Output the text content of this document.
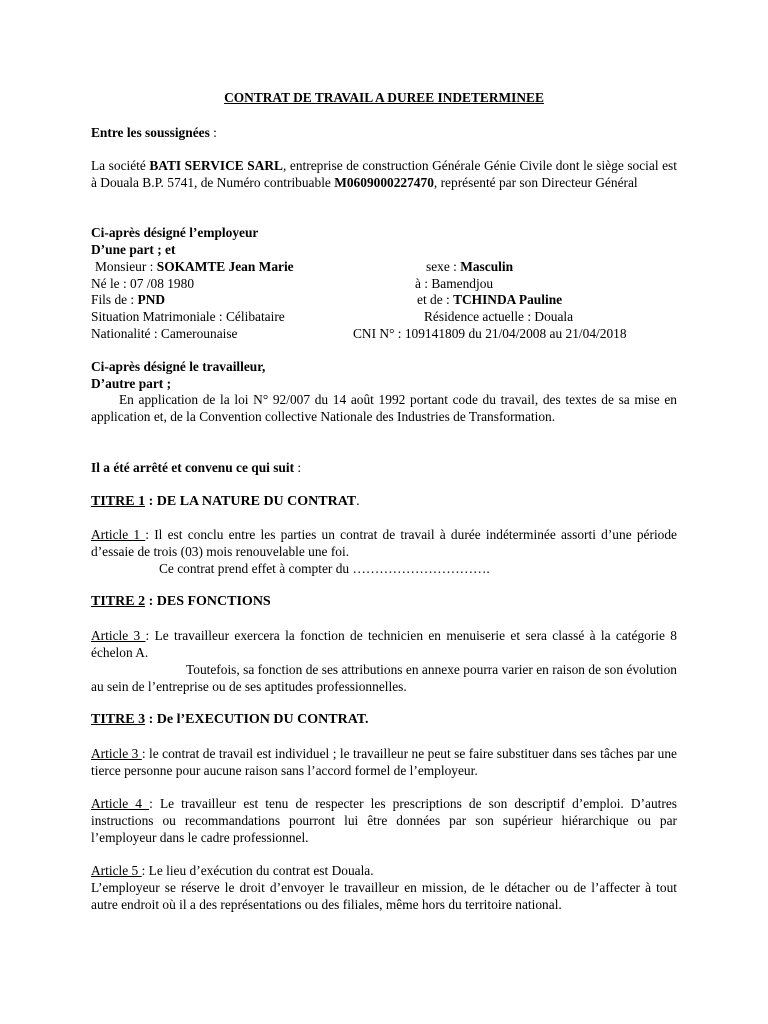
CONTRAT DE TRAVAIL A DUREE INDETERMINEE
Entre les soussignées :

La société BATI SERVICE SARL, entreprise de construction Générale Génie Civile dont le siège social est à Douala B.P. 5741, de Numéro contribuable M0609000227470, représenté par son Directeur Général

Ci-après désigné l’employeur
D’une part ; et
Monsieur : SOKAMTE Jean Marie	sexe : Masculin
Né le : 07 /08 1980	à : Bamendjou
Fils de : PND	et de : TCHINDA Pauline
Situation Matrimoniale : Célibataire	Résidence actuelle : Douala
Nationalité : Camerounaise	CNI N° : 109141809 du 21/04/2008 au 21/04/2018
Ci-après désigné le travailleur,
D’autre part ;

En application de la loi N° 92/007 du 14 août 1992 portant code du travail, des textes de sa mise en application et, de la Convention collective Nationale des Industries de Transformation.

Il a été arrêté et convenu ce qui suit :
TITRE 1 : DE LA NATURE DU CONTRAT.

Article 1 : Il est conclu entre les parties un contrat de travail à durée indéterminée assorti d’une période d’essaie de trois (03) mois renouvelable une foi.

Ce contrat prend effet à compter du ………………………….

TITRE 2 : DES FONCTIONS

Article 3 : Le travailleur exercera la fonction de technicien en menuiserie et sera classé à la catégorie 8 échelon A.

Toutefois, sa fonction de ses attributions en annexe pourra varier en raison de son évolution au sein de l’entreprise ou de ses aptitudes professionnelles.

TITRE 3 : De l’EXECUTION DU CONTRAT.

Article 3 : le contrat de travail est individuel ; le travailleur ne peut se faire substituer dans ses tâches par une tierce personne pour aucune raison sans l’accord formel de l’employeur.

Article 4 : Le travailleur est tenu de respecter les prescriptions de son descriptif d’emploi. D’autres instructions ou recommandations pourront lui être données par son supérieur hiérarchique ou par l’employeur dans le cadre professionnel.

Article 5 : Le lieu d’exécution du contrat est Douala.

L’employeur se réserve le droit d’envoyer le travailleur en mission, de le détacher ou de l’affecter à tout autre endroit où il a des représentations ou des filiales, même hors du territoire national.
